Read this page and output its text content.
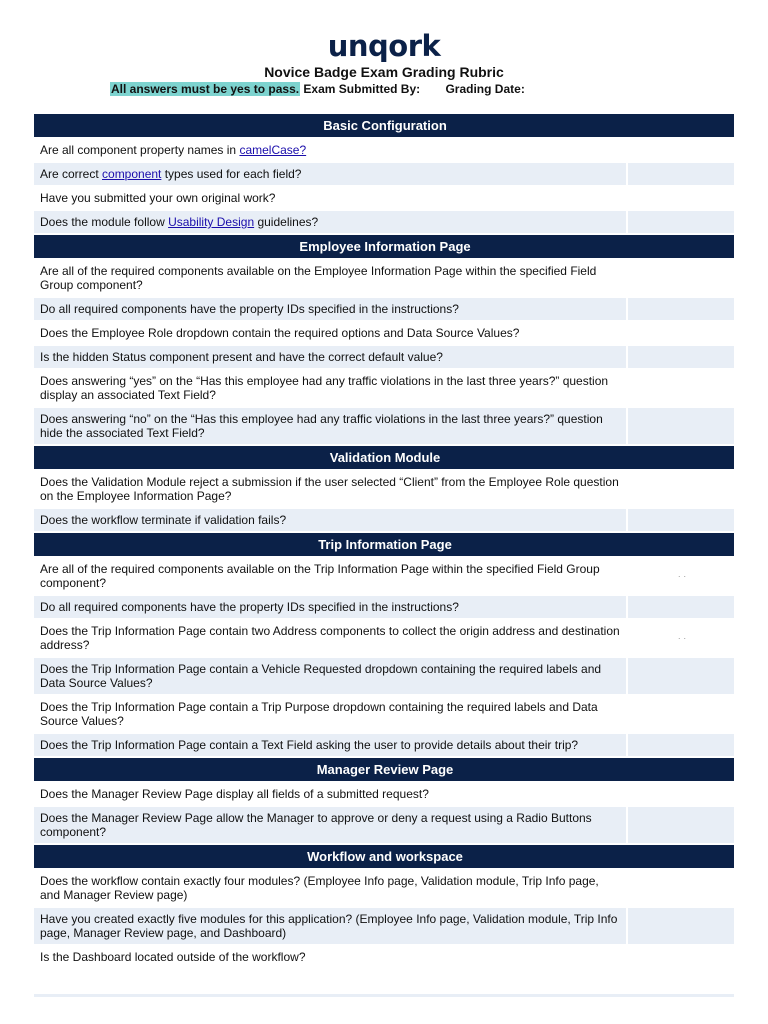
unqork
Novice Badge Exam Grading Rubric
All answers must be yes to pass. Exam Submitted By: Grading Date:
Basic Configuration	
Are all component property names in camelCase?	
Are correct component types used for each field?	
Have you submitted your own original work?	
Does the module follow Usability Design guidelines?	
Employee Information Page	
Are all of the required components available on the Employee Information Page within the specified Field Group component?	
Do all required components have the property IDs specified in the instructions?	
Does the Employee Role dropdown contain the required options and Data Source Values?	
Is the hidden Status component present and have the correct default value?	
Does answering “yes” on the “Has this employee had any traffic violations in the last three years?” question display an associated Text Field?	
Does answering “no” on the “Has this employee had any traffic violations in the last three years?” question hide the associated Text Field?	
Validation Module	
Does the Validation Module reject a submission if the user selected “Client” from the Employee Role question on the Employee Information Page?	
Does the workflow terminate if validation fails?	
Trip Information Page	
Are all of the required components available on the Trip Information Page within the specified Field Group component?	· ·

Do all required components have the property IDs specified in the instructions?	
Does the Trip Information Page contain two Address components to collect the origin address and destination address?	· ·

Does the Trip Information Page contain a Vehicle Requested dropdown containing the required labels and Data Source Values?	
Does the Trip Information Page contain a Trip Purpose dropdown containing the required labels and Data Source Values?	
Does the Trip Information Page contain a Text Field asking the user to provide details about their trip?	
Manager Review Page	
Does the Manager Review Page display all fields of a submitted request?	
Does the Manager Review Page allow the Manager to approve or deny a request using a Radio Buttons component?	
Workflow and workspace	
Does the workflow contain exactly four modules? (Employee Info page, Validation module, Trip Info page, and Manager Review page)	
Have you created exactly five modules for this application? (Employee Info page, Validation module, Trip Info page, Manager Review page, and Dashboard)	
Is the Dashboard located outside of the workflow?	
